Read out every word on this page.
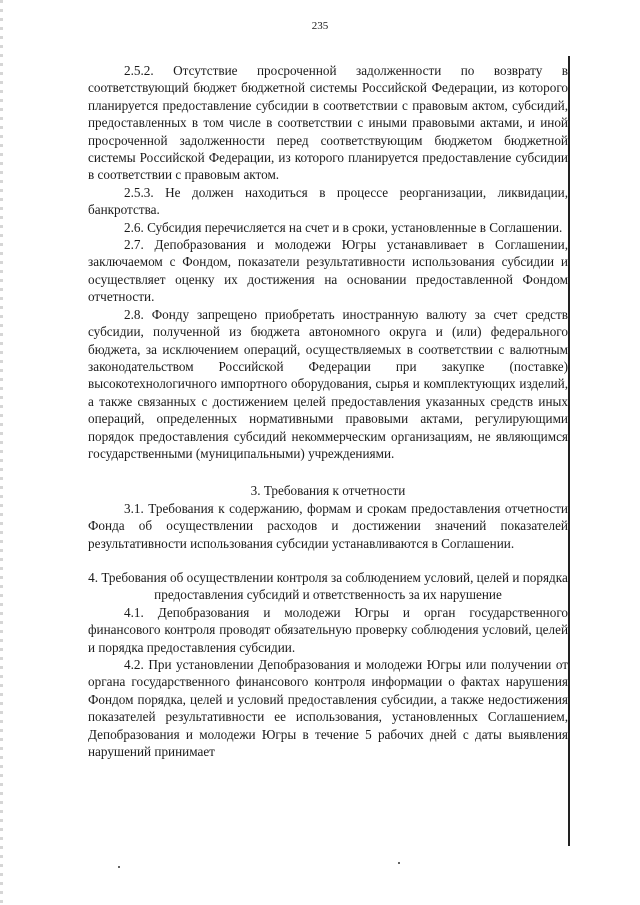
235

2.5.2. Отсутствие просроченной задолженности по возврату в соответствующий бюджет бюджетной системы Российской Федерации, из которого планируется предоставление субсидии в соответствии с правовым актом, субсидий, предоставленных в том числе в соответствии с иными правовыми актами, и иной просроченной задолженности перед соответствующим бюджетом бюджетной системы Российской Федерации, из которого планируется предоставление субсидии в соответствии с правовым актом.

2.5.3. Не должен находиться в процессе реорганизации, ликвидации, банкротства.

2.6. Субсидия перечисляется на счет и в сроки, установленные в Соглашении.

2.7. Депобразования и молодежи Югры устанавливает в Соглашении, заключаемом с Фондом, показатели результативности использования субсидии и осуществляет оценку их достижения на основании предоставленной Фондом отчетности.

2.8. Фонду запрещено приобретать иностранную валюту за счет средств субсидии, полученной из бюджета автономного округа и (или) федерального бюджета, за исключением операций, осуществляемых в соответствии с валютным законодательством Российской Федерации при закупке (поставке) высокотехнологичного импортного оборудования, сырья и комплектующих изделий, а также связанных с достижением целей предоставления указанных средств иных операций, определенных нормативными правовыми актами, регулирующими порядок предоставления субсидий некоммерческим организациям, не являющимся государственными (муниципальными) учреждениями.

3. Требования к отчетности

3.1. Требования к содержанию, формам и срокам предоставления отчетности Фонда об осуществлении расходов и достижении значений показателей результативности использования субсидии устанавливаются в Соглашении.

4. Требования об осуществлении контроля за соблюдением условий, целей и порядка предоставления субсидий и ответственность за их нарушение

4.1. Депобразования и молодежи Югры и орган государственного финансового контроля проводят обязательную проверку соблюдения условий, целей и порядка предоставления субсидии.

4.2. При установлении Депобразования и молодежи Югры или получении от органа государственного финансового контроля информации о фактах нарушения Фондом порядка, целей и условий предоставления субсидии, а также недостижения показателей результативности ее использования, установленных Соглашением, Депобразования и молодежи Югры в течение 5 рабочих дней с даты выявления нарушений принимает
